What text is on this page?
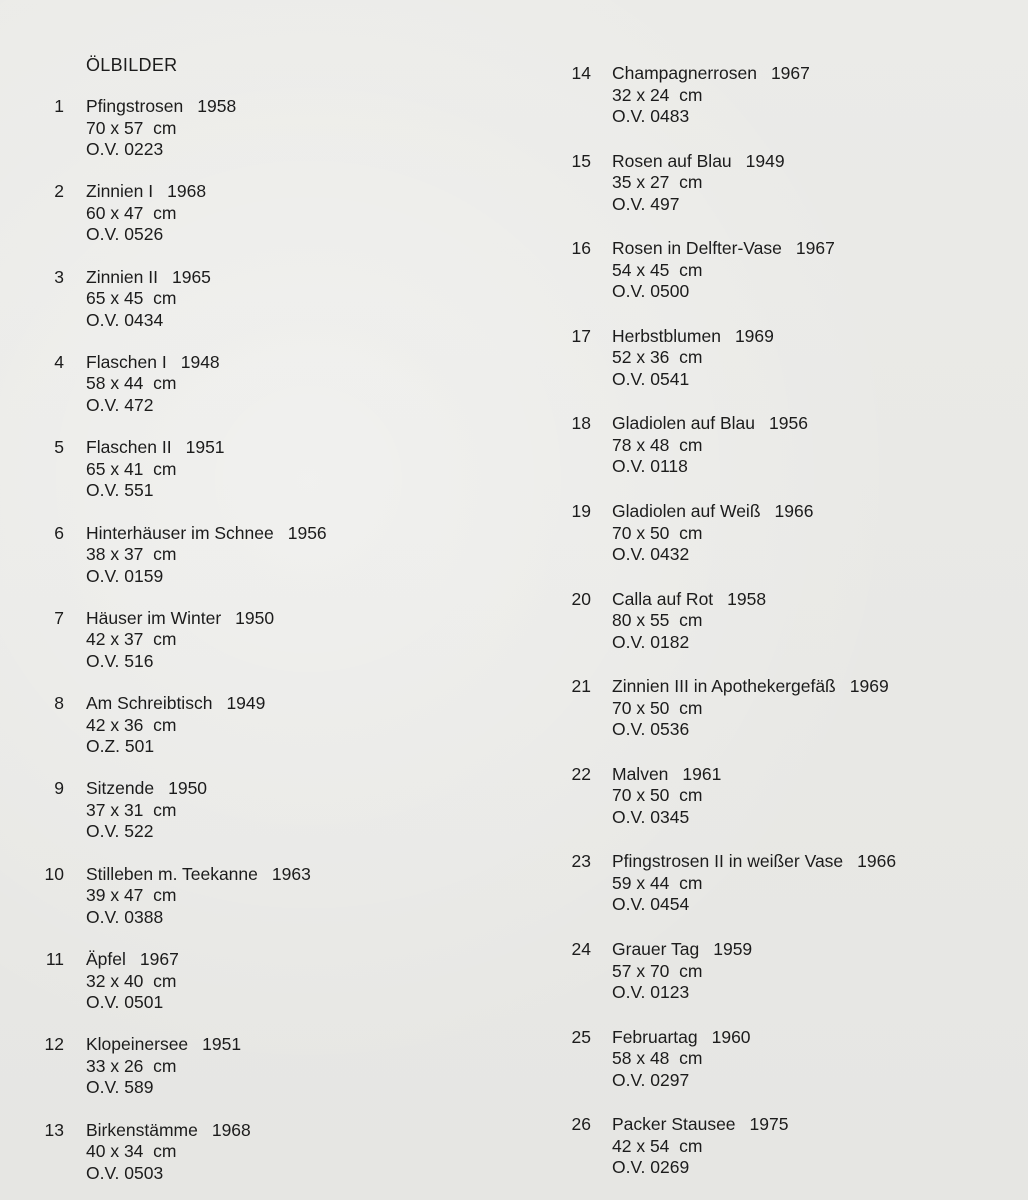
ÖLBILDER
1 Pfingstrosen 1958
70 x 57  cm
O.V. 0223
2 Zinnien I 1968
60 x 47  cm
O.V. 0526
3 Zinnien II 1965
65 x 45  cm
O.V. 0434
4 Flaschen I 1948
58 x 44  cm
O.V. 472
5 Flaschen II 1951
65 x 41  cm
O.V. 551
6 Hinterhäuser im Schnee 1956
38 x 37  cm
O.V. 0159
7 Häuser im Winter 1950
42 x 37  cm
O.V. 516
8 Am Schreibtisch 1949
42 x 36  cm
O.Z. 501
9 Sitzende 1950
37 x 31  cm
O.V. 522
10 Stilleben m. Teekanne 1963
39 x 47  cm
O.V. 0388
11 Äpfel 1967
32 x 40  cm
O.V. 0501
12 Klopeinersee 1951
33 x 26  cm
O.V. 589
13 Birkenstämme 1968
40 x 34  cm
O.V. 0503
14 Champagnerrosen 1967
32 x 24  cm
O.V. 0483
15 Rosen auf Blau 1949
35 x 27  cm
O.V. 497
16 Rosen in Delfter-Vase 1967
54 x 45  cm
O.V. 0500
17 Herbstblumen 1969
52 x 36  cm
O.V. 0541
18 Gladiolen auf Blau 1956
78 x 48  cm
O.V. 0118
19 Gladiolen auf Weiß 1966
70 x 50  cm
O.V. 0432
20 Calla auf Rot 1958
80 x 55  cm
O.V. 0182
21 Zinnien III in Apothekergefäß 1969
70 x 50  cm
O.V. 0536
22 Malven 1961
70 x 50  cm
O.V. 0345
23 Pfingstrosen II in weißer Vase 1966
59 x 44  cm
O.V. 0454
24 Grauer Tag 1959
57 x 70  cm
O.V. 0123
25 Februartag 1960
58 x 48  cm
O.V. 0297
26 Packer Stausee 1975
42 x 54  cm
O.V. 0269
